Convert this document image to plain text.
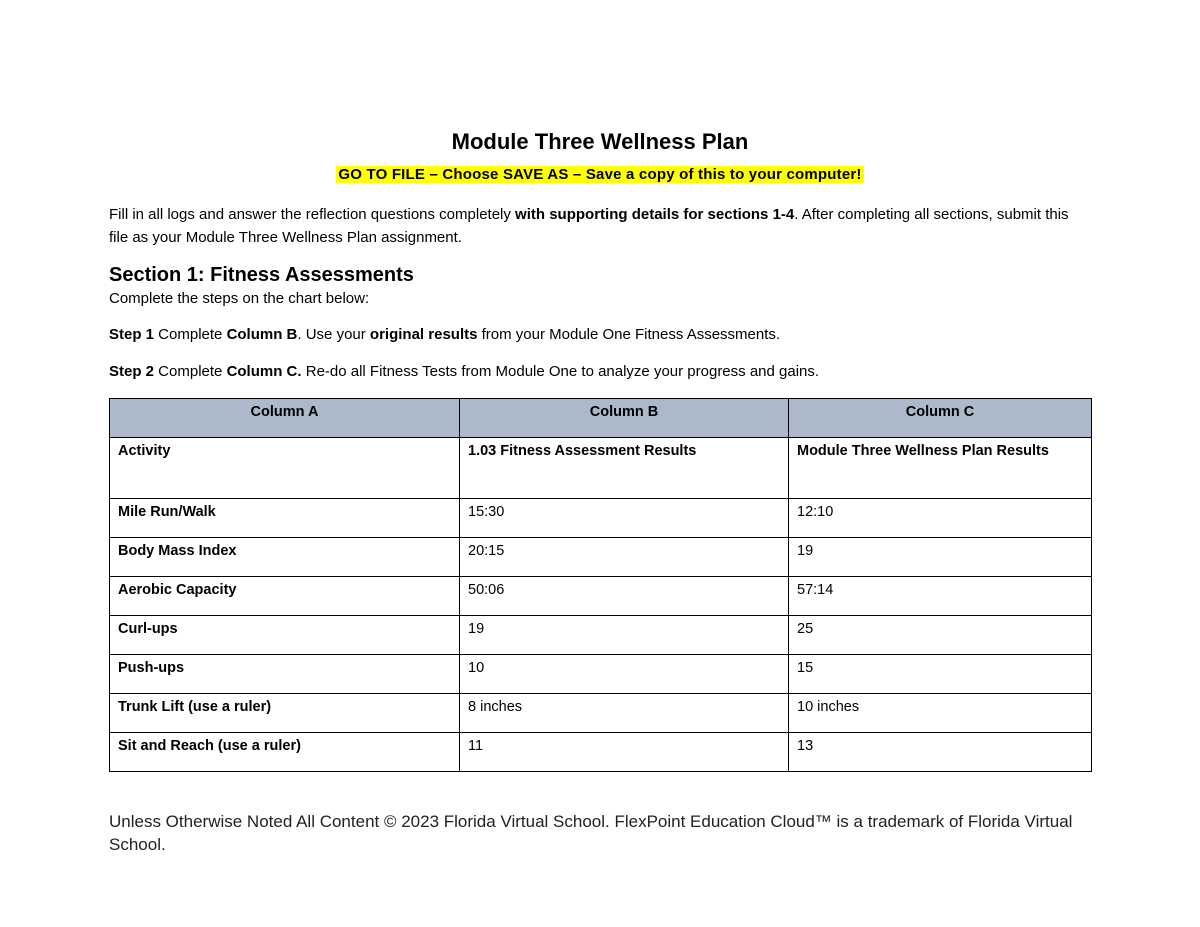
Module Three Wellness Plan
GO TO FILE – Choose SAVE AS – Save a copy of this to your computer!
Fill in all logs and answer the reflection questions completely with supporting details for sections 1-4. After completing all sections, submit this file as your Module Three Wellness Plan assignment.
Section 1: Fitness Assessments
Complete the steps on the chart below:
Step 1 Complete Column B. Use your original results from your Module One Fitness Assessments.
Step 2 Complete Column C. Re-do all Fitness Tests from Module One to analyze your progress and gains.
Column A	Column B	Column C
Activity	1.03 Fitness Assessment Results	Module Three Wellness Plan Results
Mile Run/Walk	15:30	12:10
Body Mass Index	20:15	19
Aerobic Capacity	50:06	57:14
Curl-ups	19	25
Push-ups	10	15
Trunk Lift (use a ruler)	8 inches	10 inches
Sit and Reach (use a ruler)	11	13
Unless Otherwise Noted All Content © 2023 Florida Virtual School. FlexPoint Education Cloud™ is a trademark of Florida Virtual School.
